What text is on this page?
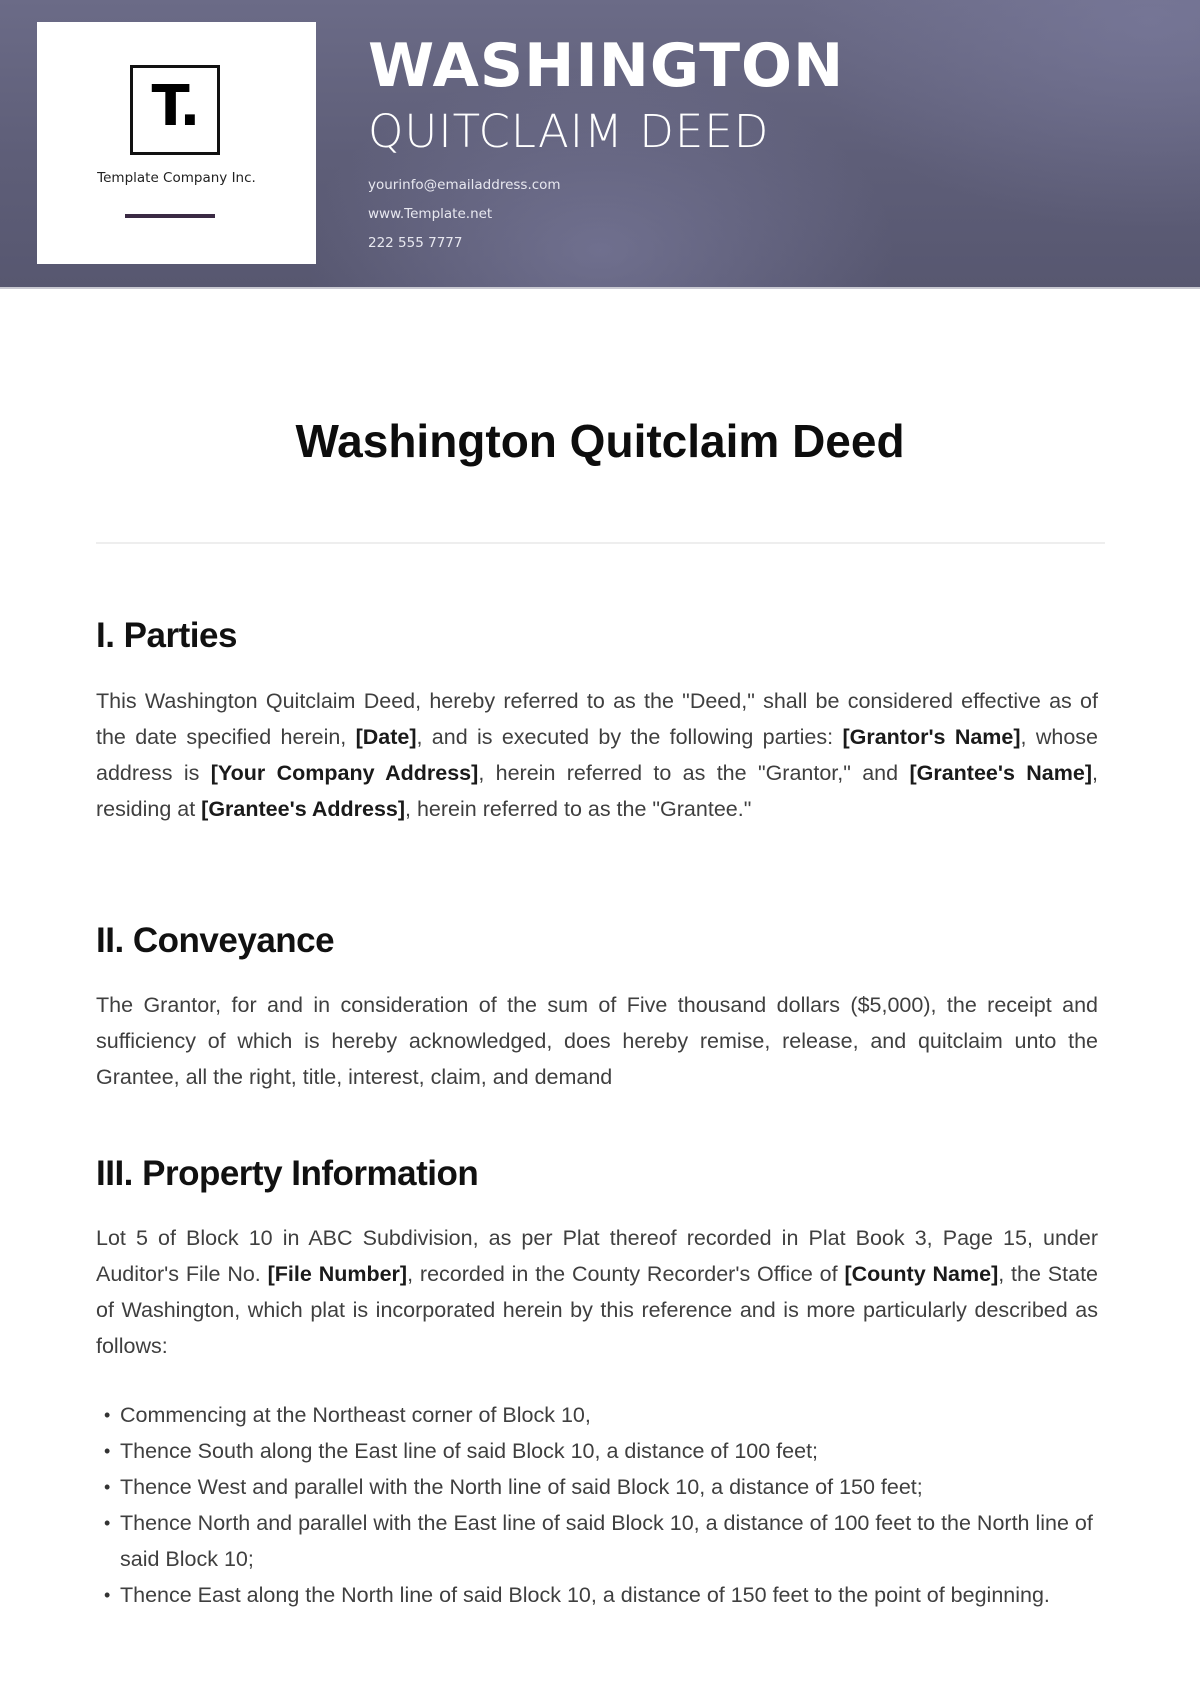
T.
Template Company Inc.
WASHINGTON
QUITCLAIM DEED
yourinfo@emailaddress.com
www.Template.net
222 555 7777
Washington Quitclaim Deed
I. Parties

This Washington Quitclaim Deed, hereby referred to as the "Deed," shall be considered effective as of the date specified herein, [Date], and is executed by the following parties: [Grantor's Name], whose address is [Your Company Address], herein referred to as the "Grantor," and [Grantee's Name], residing at [Grantee's Address], herein referred to as the "Grantee."

II. Conveyance

The Grantor, for and in consideration of the sum of Five thousand dollars ($5,000), the receipt and sufficiency of which is hereby acknowledged, does hereby remise, release, and quitclaim unto the Grantee, all the right, title, interest, claim, and demand

III. Property Information

Lot 5 of Block 10 in ABC Subdivision, as per Plat thereof recorded in Plat Book 3, Page 15, under Auditor's File No. [File Number], recorded in the County Recorder's Office of [County Name], the State of Washington, which plat is incorporated herein by this reference and is more particularly described as follows:

• Commencing at the Northeast corner of Block 10,
• Thence South along the East line of said Block 10, a distance of 100 feet;
• Thence West and parallel with the North line of said Block 10, a distance of 150 feet;
• Thence North and parallel with the East line of said Block 10, a distance of 100 feet to the North line of said Block 10;
• Thence East along the North line of said Block 10, a distance of 150 feet to the point of beginning.
